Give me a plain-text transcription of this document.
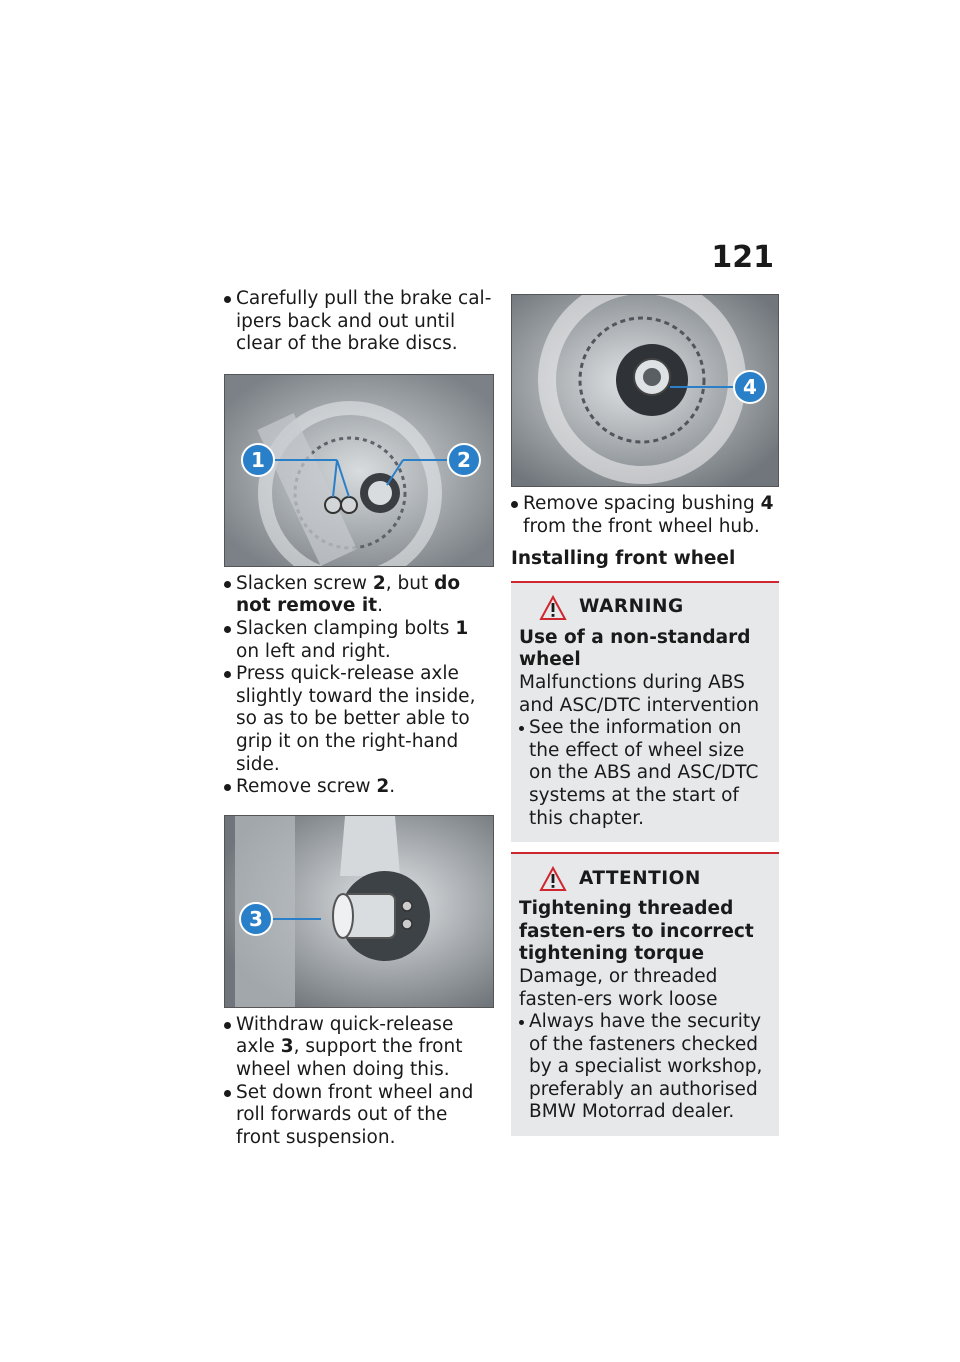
121

Carefully pull the brake cal-ipers back and out until clear of the brake discs.

1	2

Slacken screw 2, but do not remove it.

Slacken clamping bolts 1 on left and right.

Press quick-release axle slightly toward the inside, so as to be better able to grip it on the right-hand side.

Remove screw 2.

3

Withdraw quick-release axle 3, support the front wheel when doing this.

Set down front wheel and roll forwards out of the front suspension.

4

Remove spacing bushing 4 from the front wheel hub.

Installing front wheel
WARNING
Use of a non-standard wheel
Malfunctions during ABS and ASC/DTC intervention
See the information on the effect of wheel size on the ABS and ASC/DTC systems at the start of this chapter.
ATTENTION
Tightening threaded fasten-ers to incorrect tightening torque
Damage, or threaded fasten-ers work loose
Always have the security of the fasteners checked by a specialist workshop, preferably an authorised BMW Motorrad dealer.
